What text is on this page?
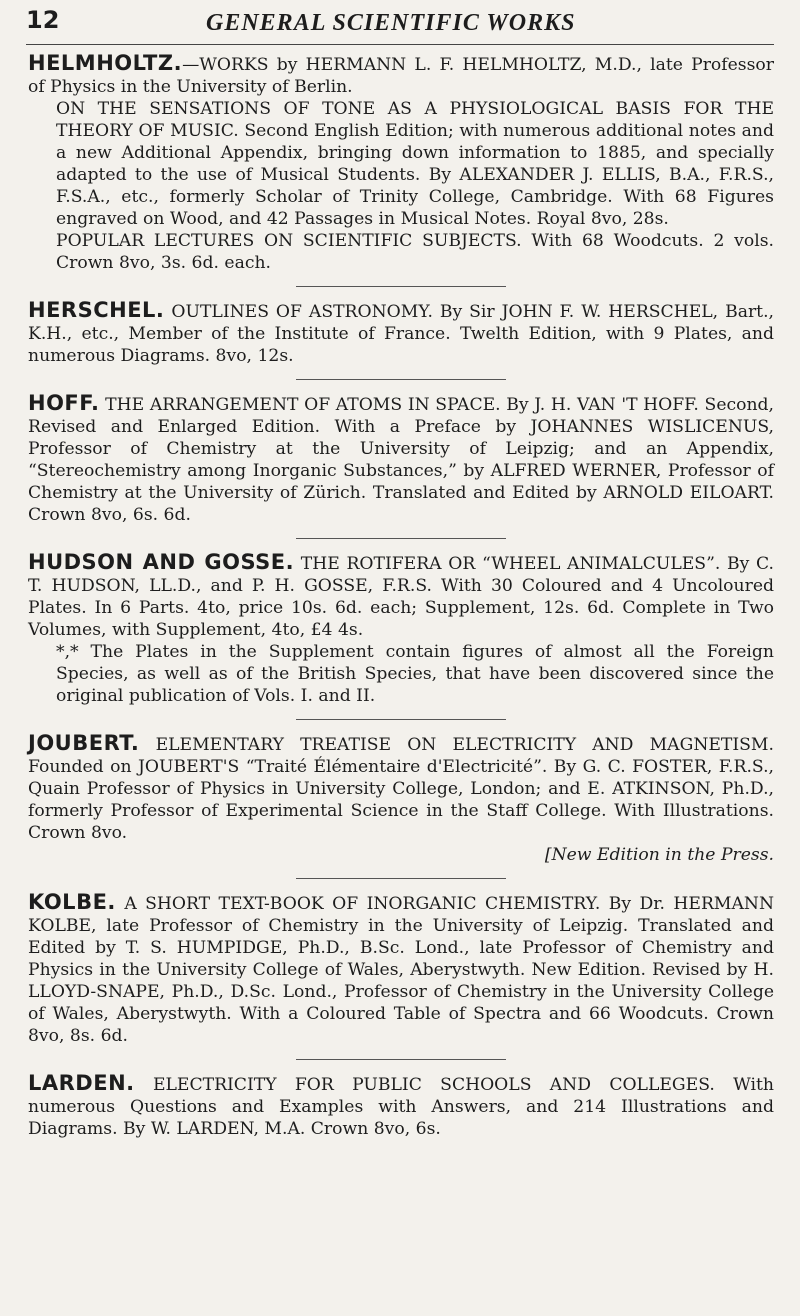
12	GENERAL SCIENTIFIC WORKS

HELMHOLTZ.—WORKS by HERMANN L. F. HELMHOLTZ, M.D., late Professor of Physics in the University of Berlin.

ON THE SENSATIONS OF TONE AS A PHYSIOLOGICAL BASIS FOR THE THEORY OF MUSIC. Second English Edition; with numerous additional notes and a new Additional Appendix, bringing down information to 1885, and specially adapted to the use of Musical Students. By ALEXANDER J. ELLIS, B.A., F.R.S., F.S.A., etc., formerly Scholar of Trinity College, Cambridge. With 68 Figures engraved on Wood, and 42 Passages in Musical Notes. Royal 8vo, 28s.

POPULAR LECTURES ON SCIENTIFIC SUBJECTS. With 68 Woodcuts. 2 vols. Crown 8vo, 3s. 6d. each.

HERSCHEL. OUTLINES OF ASTRONOMY. By Sir JOHN F. W. HERSCHEL, Bart., K.H., etc., Member of the Institute of France. Twelth Edition, with 9 Plates, and numerous Diagrams. 8vo, 12s.

HOFF. THE ARRANGEMENT OF ATOMS IN SPACE. By J. H. VAN 'T HOFF. Second, Revised and Enlarged Edition. With a Preface by JOHANNES WISLICENUS, Professor of Chemistry at the University of Leipzig; and an Appendix, “Stereochemistry among Inorganic Substances,” by ALFRED WERNER, Professor of Chemistry at the University of Zürich. Translated and Edited by ARNOLD EILOART. Crown 8vo, 6s. 6d.

HUDSON AND GOSSE. THE ROTIFERA OR “WHEEL ANIMALCULES”. By C. T. HUDSON, LL.D., and P. H. GOSSE, F.R.S. With 30 Coloured and 4 Uncoloured Plates. In 6 Parts. 4to, price 10s. 6d. each; Supplement, 12s. 6d. Complete in Two Volumes, with Supplement, 4to, £4 4s.

*,* The Plates in the Supplement contain figures of almost all the Foreign Species, as well as of the British Species, that have been discovered since the original publication of Vols. I. and II.

JOUBERT. ELEMENTARY TREATISE ON ELECTRICITY AND MAGNETISM. Founded on JOUBERT'S “Traité Élémentaire d'Electricité”. By G. C. FOSTER, F.R.S., Quain Professor of Physics in University College, London; and E. ATKINSON, Ph.D., formerly Professor of Experimental Science in the Staff College. With Illustrations. Crown 8vo.

[New Edition in the Press.

KOLBE. A SHORT TEXT-BOOK OF INORGANIC CHEMISTRY. By Dr. HERMANN KOLBE, late Professor of Chemistry in the University of Leipzig. Translated and Edited by T. S. HUMPIDGE, Ph.D., B.Sc. Lond., late Professor of Chemistry and Physics in the University College of Wales, Aberystwyth. New Edition. Revised by H. LLOYD-SNAPE, Ph.D., D.Sc. Lond., Professor of Chemistry in the University College of Wales, Aberystwyth. With a Coloured Table of Spectra and 66 Woodcuts. Crown 8vo, 8s. 6d.

LARDEN. ELECTRICITY FOR PUBLIC SCHOOLS AND COLLEGES. With numerous Questions and Examples with Answers, and 214 Illustrations and Diagrams. By W. LARDEN, M.A. Crown 8vo, 6s.
